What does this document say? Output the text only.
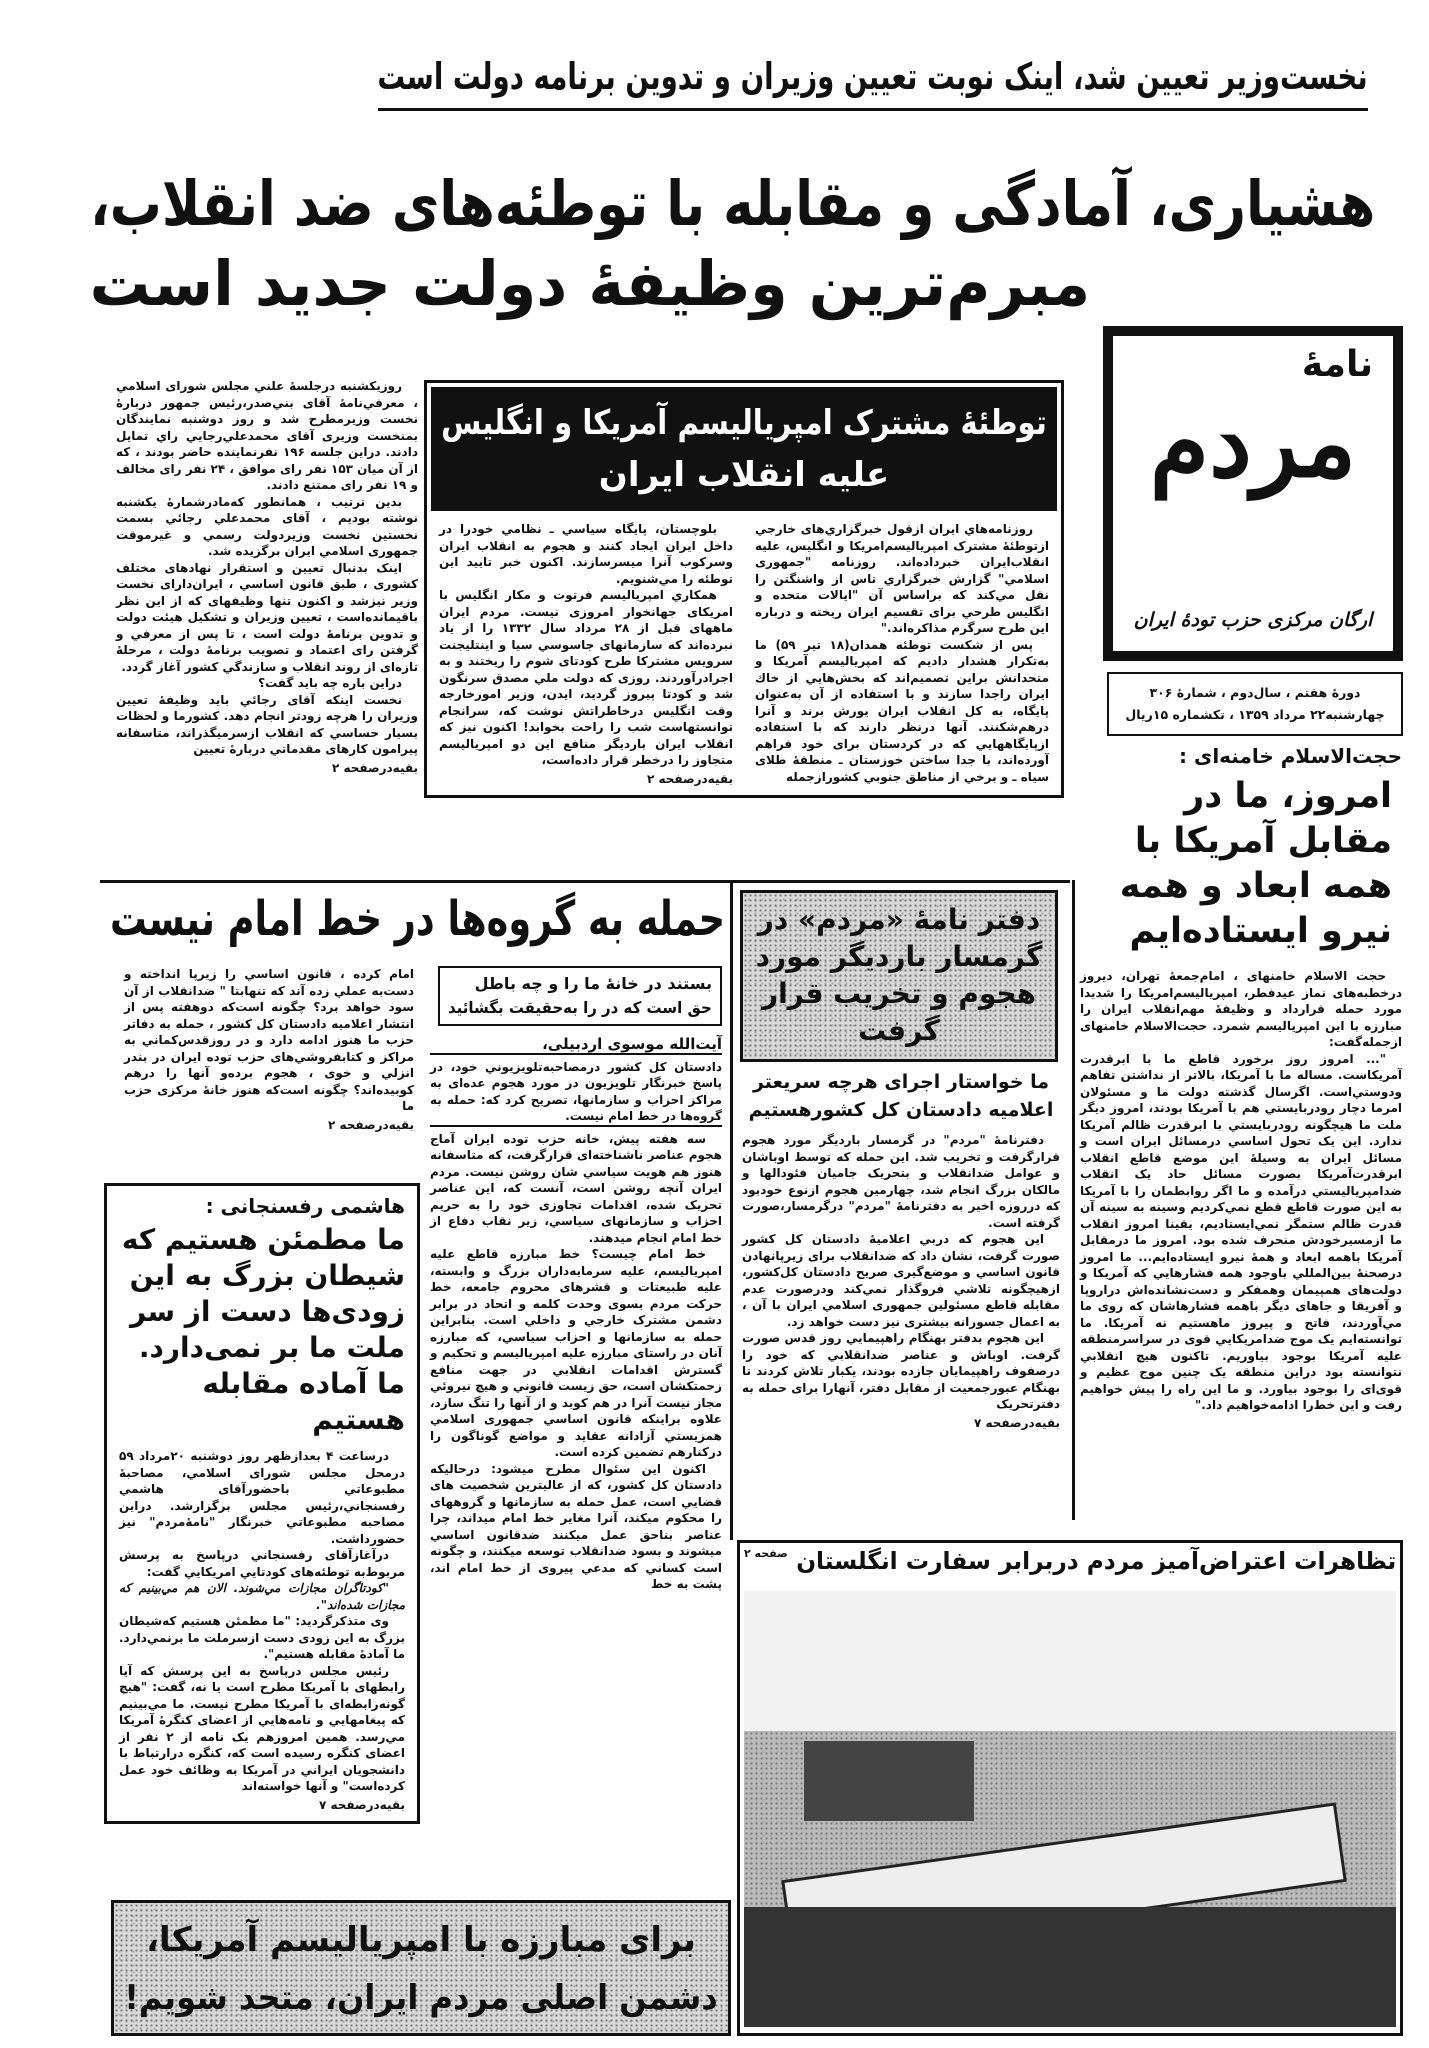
نخست‌وزیر تعیین شد، اینک نوبت تعیین وزیران و تدوین برنامه دولت است
هشیاری، آمادگی و مقابله با توطئه‌های ضد انقلاب،
مبرم‌ترین وظیفهٔ دولت جدید است
نامهٔ
مردم
ارگان مرکزی حزب تودهٔ ایران
دورهٔ هفتم ، سال‌دوم ، شمارهٔ ۳۰۶
چهارشنبه۲۲ مرداد ۱۳۵۹ ، تکشماره ۱۵ریال
حجت‌الاسلام خامنه‌ای :
امروز، ما در مقابل آمریکا با همه ابعاد و همه نیرو ایستاده‌ایم

حجت الاسلام خامنهاى ، امام‌جمعهٔ تهران، ديروز درخطبه‌هاى نماز عيدفطر، امپرياليسم‌امريكا را شديدا مورد حمله قرارداد و وظيفهٔ مهم‌انقلاب ايران را مبارزه با اين امپرياليسم شمرد. حجت‌الاسلام خامنهاى ازجمله‌گفت:

"... امروز روز برخورد قاطع ما با ابرقدرت آمريكاست. مساله ما با آمريكا، بالاتر از نداشتن تفاهم ودوستي‌است. اگرسال گذشته دولت ما و مسئولان امرما دچار رودربايستي هم با آمريكا بودند، امروز ديگر ملت ما هيچگونه رودربايستي با ابرقدرت ظالم آمريكا ندارد. اين يک تحول اساسي درمسائل ايران است و مسائل ايران به وسيلهٔ اين موضع قاطع انقلاب ابرقدرت‌آمريكا بصورت مسائل حاد يک انقلاب ضدامپرياليستي درآمده و ما اگر روابطمان را با آمريكا به اين صورت قاطع قطع نمي‌كرديم وسينه به سينه آن قدرت ظالم ستمگر نمي‌ايستاديم، يقينا امروز انقلاب ما ازمسيرخودش منحرف شده بود. امروز ما درمقابل آمريكا باهمه ابعاد و همهٔ نيرو ايستاده‌ايم... ما امروز درصحنهٔ بين‌المللي باوجود همه فشارهايي كه آمريكا و دولت‌هاى همپيمان وهمفكر و دست‌نشانده‌اش دراروپا و آفريقا و جاهاى ديگر باهمه فشارهاشان كه روى ما مي‌آوردند، فاتح و پيروز ماهستيم نه آمريكا. ما توانسته‌ايم يک موج ضدامريكايي قوى در سراسرمنطقه عليه آمريكا بوجود بياوريم. تاكنون هيچ انقلابي نتوانسته بود دراين منطقه يک چنين موج عظيم و قوى‌اى را بوجود بياورد. و ما اين راه را پيش خواهيم رفت و اين خط‌را ادامه‌خواهيم داد."

روزیکشنبه درجلسهٔ علني مجلس شوراى اسلامي ، معرفي‌نامهٔ آقاى بني‌صدر،رئيس جمهور دربارهٔ نخست وزيرمطرح شد و روز دوشنبه نمايندگان بمنخست وزيرى آقاى محمدعلي‌رجايي راي تمايل دادند. دراين جلسه ۱۹۶ نفرنماينده حاضر بودند ، که از آن ميان ۱۵۳ نفر راى موافق ، ۲۴ نفر راى مخالف و ۱۹ نفر راى ممتنع دادند.

بدين ترتيب ، همانطور كه‌مادرشمارهٔ يكشنبه نوشته بوديم ، آقاى محمدعلي رجائي بسمت نخستين نخست وزيردولت رسمي و غيرموقت جمهورى اسلامي ايران برگزيده شد.

اينک بدنبال تعيين و استقرار نهادهاى مختلف كشورى ، طبق قانون اساسي ، ايران‌داراى نخست وزير نيزشد و اكنون تنها وظيفهاى كه از اين نظر باقيمانده‌است ، تعيين وزيران و تشكيل هيئت دولت و تدوين برنامهٔ دولت است ، تا پس از معرفي و گرفتن راى اعتماد و تصويب برنامهٔ دولت ، مرحلهٔ تازه‌اى از روند انقلاب و سازندگي كشور آغاز گردد.

دراين باره چه بايد گفت؟

نخست اينكه آقاى رجائي بايد وظيفهٔ تعيين وزيران را هرچه زودتر انجام دهد. كشورما و لحظات بسيار حساسي كه انقلاب ازسرميگذراند، متاسفانه پيرامون كارهاى مقدماتي دربارهٔ تعيين

بقيه‌درصفحه ۲
توطئهٔ مشترک امپریالیسم آمریکا و انگلیس
علیه انقلاب ایران

روزنامه‌هاي ايران ازقول خبرگزاري‌هاى خارجي ازتوطئهٔ مشترک امپرياليسم‌امريكا و انگليس، عليه انقلاب‌ايران خبرداده‌اند. روزنامه "جمهورى اسلامي" گزارش خبرگزاري تاس از واشنگتن را نقل مي‌كند كه براساس آن "ايالات متحده و انگليس طرحي براى تقسيم ايران ريخته و درباره اين طرح سرگرم مذاكره‌اند."

پس از شكست توطئه همدان(۱۸ تير ۵۹) ما به‌تكرار هشدار داديم كه امپرياليسم آمريكا و متحدانش براين تصميم‌اند كه بخش‌هايي از خاك ايران راجدا سازند و با استفاده از آن به‌عنوان پايگاه، به كل انقلاب ايران يورش برند و آنرا درهم‌شكنند. آنها درنظر دارند كه با استفاده ازپايگاههايي كه در كردستان براى خود فراهم آورده‌اند، با جدا ساختن خوزستان ـ منطقهٔ طلاى سياه ـ و برخي از مناطق جنوبي كشورازجمله

بلوچستان، پايگاه سياسي ـ نظامي خودرا در داخل ايران ايجاد كنند و هجوم به انقلاب ايران وسركوب آنرا ميسرسازند. اكنون خبر تاييد اين توطئه را مي‌شنويم.

همكاري امپرياليسم فرتوت و مكار انگليس با امريكاى جهانخوار امروزى نيست. مردم ايران ماههاى قبل از ۲۸ مرداد سال ۱۳۳۲ را از ياد نبرده‌اند كه سازمانهاى جاسوسي سيا و اينتليجنت سرويس مشتركا طرح كودتاى شوم را ريختند و به اجرادرآوردند. روزى كه دولت ملي مصدق سرنگون شد و كودتا پيروز گرديد، ايدن، وزير امورخارجه وقت انگليس درخاطراتش نوشت كه، سرانجام توانستهاست شب را راحت بخوابد! اكنون نيز كه انقلاب ايران باردیگر منافع اين دو امپرياليسم متجاوز را درخطر قرار داده‌است،

بقيه‌درصفحه ۲
حمله به گروه‌ها در خط امام نیست
بستند در خانهٔ ما را و چه باطل
حق است که در را به‌حقیقت بگشائید
آیت‌الله موسوی اردبیلی،

دادستان كل كشور درمصاحبه‌تلويزيوني خود، در پاسخ خبرنگار تلويزيون در مورد هجوم عده‌اى به مراكز احزاب و سازمانها، تصريح كرد كه: حمله به گروه‌ها در خط امام نيست.

سه هفته پيش، خانه حزب توده ايران آماج هجوم عناصر ناشناخته‌اى قرارگرفت، كه متاسفانه هنوز هم هويت سياسي شان روشن نيست. مردم ايران آنچه روشن است، آنست كه، اين عناصر تحريک شده، اقدامات تجاوزى خود را به حريم احزاب و سازمانهاى سياسي، زير نقاب دفاع از خط امام انجام ميدهند.

خط امام چيست؟ خط مبارزه قاطع عليه امپرياليسم، عليه سرمايه‌داران بزرگ و وابسته، عليه طبيعتات و قشرهاى محروم جامعه، خط حركت مردم بسوى وحدت كلمه و اتحاد در برابر دشمن مشترک خارجي و داخلي است. بنابراين حمله به سازمانها و احزاب سياسي، كه مبارزه آنان در راستاى مبارزه عليه امپرياليسم و تحكيم و گسترش اقدامات انقلابي در جهت منافع زحمتكشان است، حق زيست قانوني و هيچ نيروئي مجاز نيست آنرا در هم كوبد و از آنها را تنگ سازد، علاوه براينكه قانون اساسي جمهورى اسلامي همزيستي آزادانه عقايد و مواضع گوناگون را دركنارهم تضمين كرده است.

اكنون اين سئوال مطرح ميشود: درحاليكه دادستان كل كشور، كه از عاليترين شخصيت هاى قضايي است، عمل حمله به سازمانها و گروههاى را محكوم ميكند، آنرا مغاير خط امام ميداند، چرا عناصر بناحق عمل ميكنند ضدقانون اساسي ميشوند و بسود ضدانقلاب توسعه ميكنند، و چگونه است كساني كه مدعي پيروى از خط امام اند، پشت به خط

امام كرده ، قانون اساسي را زيرپا انداخته و دست‌به عملي زده آند كه تنها‌بتا " ضدانقلاب از آن سود خواهد برد؟ چگونه است‌كه دوهفته پس از انتشار اعلاميه دادستان كل كشور ، حمله به دفاتر حزب ما هنوز ادامه دارد و در روزقدس‌كماني به مراكز و كتابفروشي‌هاى حزب توده‌ ايران در بندر انزلي و خوى ، هجوم برده‌و آنها را درهم كوبيده‌اند؟ چگونه است‌كه هنوز خانهٔ مركزى حزب ما

بقيه‌درصفحه ۲
دفتر نامهٔ «مردم» در گرمسار باردیگر مورد هجوم و تخریب قرار گرفت
ما خواستار اجرای هرچه سریعتر
اعلامیه دادستان کل کشورهستیم

دفترنامهٔ "مردم" در گرمسار باردیگر مورد هجوم قرارگرفت و تخريب شد. اين حمله كه توسط اوباشان و عوامل ضدانقلاب و بتحريک جاميان فئودالها و مالكان بزرگ انجام شد، چهارمين هجوم ازنوع خودبود كه درروزه اخير به دفترنامهٔ "مردم" درگرمسار،صورت گرفته است.

اين هجوم كه دربي اعلاميهٔ دادستان كل كشور صورت گرفت، نشان داد كه ضدانقلاب براى زيرپانهادن قانون اساسي و موضع‌گيرى صريح دادستان كل‌كشور، ازهيچگونه تلاشي فروگذار نمي‌كند ودرصورت عدم مقابله قاطع مسئولين جمهورى اسلامي ايران با آن ، به اعمال جسورانه بيشترى نيز دست خواهد زد.

اين هجوم بدفتر بهنگام راهپيمايي روز قدس صورت گرفت. اوباش و عناصر ضدانقلابي كه خود را درصفوف راهپيمايان جازده بودند، يكبار تلاش كردند تا بهنگام عبورجمعيت از مقابل دفتر، آنهارا براى حمله به دفترتحريک

بقيه‌درصفحه ۷
هاشمی رفسنجانی :
ما مطمئن هستیم که شیطان بزرگ به این زودی‌ها دست از سر ملت ما بر نمی‌دارد. ما آماده مقابله هستیم

درساعت ۴ بعدازظهر روز دوشنبه ۲۰مرداد ۵۹ درمحل مجلس شوراى اسلامي، مصاحبهٔ مطبوعاتي باحضورآقاى هاشمي رفسنجاني،رئيس مجلس برگزارشد. دراين مصاحبه مطبوعاتي خبرنگار "نامهٔ‌مردم" نيز حضورداشت.

درآغازآقاى رفسنجاني درپاسخ به پرسش مربوط‌به توطئه‌هاى كودتايي امريكايي گفت:

"كودتاگران مجازات مي‌شوند. الان هم مي‌بينيم كه مجازات شده‌اند".

وى متذكرگرديد: "ما مطمئن هستيم كه‌شيطان بزرگ به اين زودى دست ازسرملت ما برنمي‌دارد. ما آمادهٔ مقابله هستيم".

رئيس مجلس درپاسخ به اين پرسش كه آيا رابطهاى با آمريكا مطرح است يا نه، گفت: "هيچ گونه‌رابطه‌اى با آمريكا مطرح نيست. ما مي‌بينيم كه پيغامهايي و نامه‌هايي از اعضاى كنگرهٔ آمريكا مي‌رسد. همين امروزهم يک نامه از ۲ نفر از اعضاى كنگره رسيده است كه، كنگره درارتباط با دانشجويان ايراني در آمريكا به وظائف خود عمل كرده‌است" و آنها خواسته‌اند

بقيه‌درصفحه ۷
تظاهرات اعتراض‌آمیز مردم دربرابر سفارت انگلستان
صفحه ۲
برای مبارزه با امپریالیسم آمریکا،
دشمن اصلی مردم ایران، متحد شویم!
